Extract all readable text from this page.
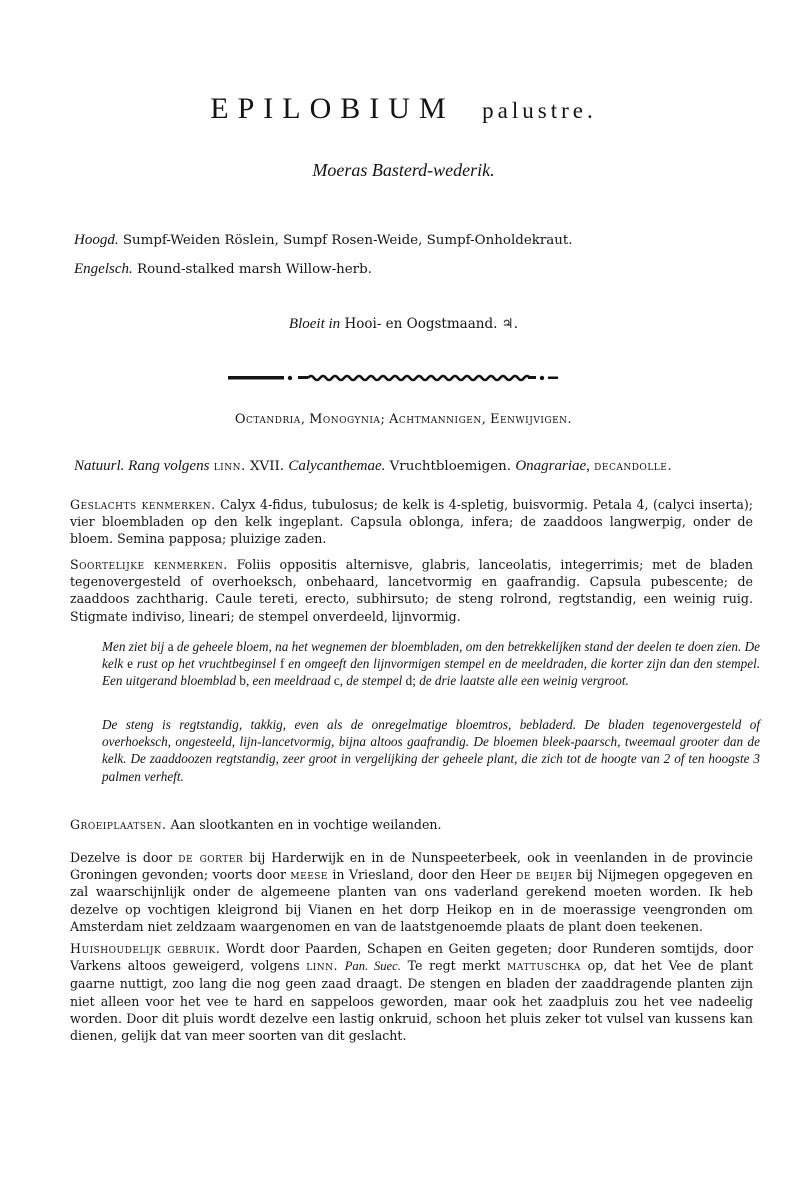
EPILOBIUM palustre.
Moeras Basterd-wederik.
Hoogd. Sumpf-Weiden Röslein, Sumpf Rosen-Weide, Sumpf-Onholdekraut.
Engelsch. Round-stalked marsh Willow-herb.
Bloeit in Hooi- en Oogstmaand. ♃.
Octandria, Monogynia; Achtmannigen, Eenwijvigen.
Natuurl. Rang volgens linn. XVII. Calycanthemae. Vruchtbloemigen. Onagrariae, decandolle.
Geslachts kenmerken. Calyx 4-fidus, tubulosus; de kelk is 4-spletig, buisvormig. Petala 4, (calyci inserta); vier bloembladen op den kelk ingeplant. Capsula oblonga, infera; de zaaddoos langwerpig, onder de bloem. Semina papposa; pluizige zaden.
Soortelijke kenmerken. Foliis oppositis alternisve, glabris, lanceolatis, integerrimis; met de bladen tegenovergesteld of overhoeksch, onbehaard, lancetvormig en gaafrandig. Capsula pubescente; de zaaddoos zachtharig. Caule tereti, erecto, subhirsuto; de steng rolrond, regtstandig, een weinig ruig. Stigmate indiviso, lineari; de stempel onverdeeld, lijnvormig.
Men ziet bij a de geheele bloem, na het wegnemen der bloembladen, om den betrekkelijken stand der deelen te doen zien. De kelk e rust op het vruchtbeginsel f en omgeeft den lijnvormigen stempel en de meeldraden, die korter zijn dan den stempel. Een uitgerand bloemblad b, een meeldraad c, de stempel d; de drie laatste alle een weinig vergroot.
De steng is regtstandig, takkig, even als de onregelmatige bloemtros, bebladerd. De bladen tegenovergesteld of overhoeksch, ongesteeld, lijn-lancetvormig, bijna altoos gaafrandig. De bloemen bleek-paarsch, tweemaal grooter dan de kelk. De zaaddoozen regtstandig, zeer groot in vergelijking der geheele plant, die zich tot de hoogte van 2 of ten hoogste 3 palmen verheft.
Groeiplaatsen. Aan slootkanten en in vochtige weilanden.
Dezelve is door de gorter bij Harderwijk en in de Nunspeeterbeek, ook in veenlanden in de provincie Groningen gevonden; voorts door meese in Vriesland, door den Heer de beijer bij Nijmegen opgegeven en zal waarschijnlijk onder de algemeene planten van ons vaderland gerekend moeten worden. Ik heb dezelve op vochtigen kleigrond bij Vianen en het dorp Heikop en in de moerassige veengronden om Amsterdam niet zeldzaam waargenomen en van de laatstgenoemde plaats de plant doen teekenen.
Huishoudelijk gebruik. Wordt door Paarden, Schapen en Geiten gegeten; door Runderen somtijds, door Varkens altoos geweigerd, volgens linn. Pan. Suec. Te regt merkt mattuschka op, dat het Vee de plant gaarne nuttigt, zoo lang die nog geen zaad draagt. De stengen en bladen der zaaddragende planten zijn niet alleen voor het vee te hard en sappeloos geworden, maar ook het zaadpluis zou het vee nadeelig worden. Door dit pluis wordt dezelve een lastig onkruid, schoon het pluis zeker tot vulsel van kussens kan dienen, gelijk dat van meer soorten van dit geslacht.
